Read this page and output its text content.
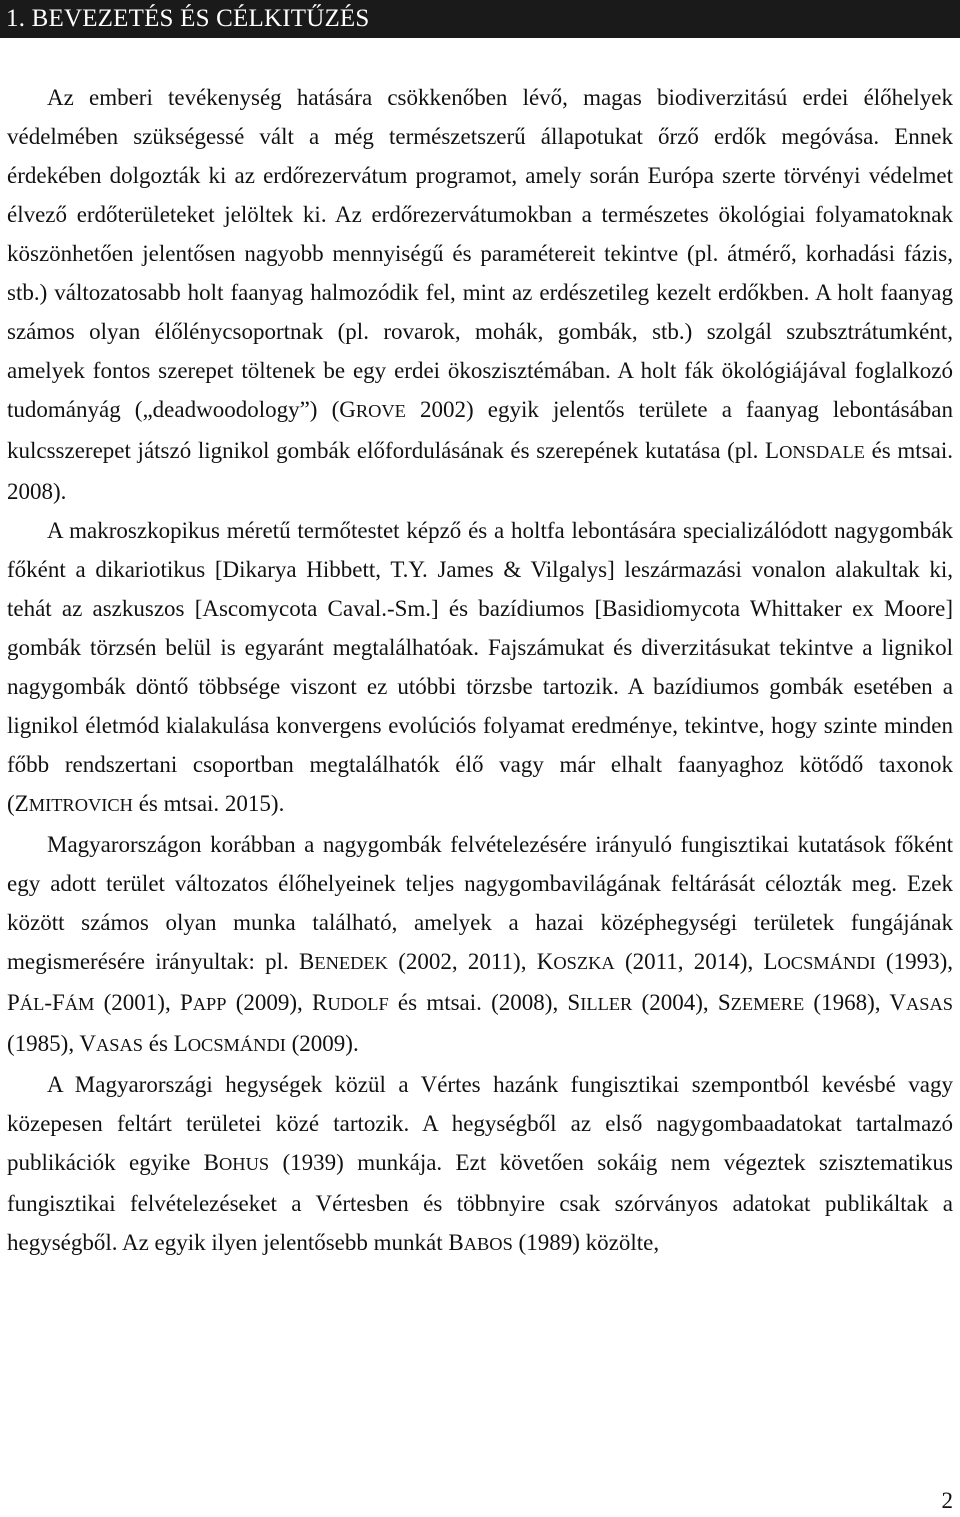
1. BEVEZETÉS ÉS CÉLKITŰZÉS

Az emberi tevékenység hatására csökkenőben lévő, magas biodiverzitású erdei élőhelyek védelmében szükségessé vált a még természetszerű állapotukat őrző erdők megóvása. Ennek érdekében dolgozták ki az erdőrezervátum programot, amely során Európa szerte törvényi védelmet élvező erdőterületeket jelöltek ki. Az erdőrezervátumokban a természetes ökológiai folyamatoknak köszönhetően jelentősen nagyobb mennyiségű és paramétereit tekintve (pl. átmérő, korhadási fázis, stb.) változatosabb holt faanyag halmozódik fel, mint az erdészetileg kezelt erdőkben. A holt faanyag számos olyan élőlénycsoportnak (pl. rovarok, mohák, gombák, stb.) szolgál szubsztrátumként, amelyek fontos szerepet töltenek be egy erdei ökoszisztémában. A holt fák ökológiájával foglalkozó tudományág („deadwoodology”) (GROVE 2002) egyik jelentős területe a faanyag lebontásában kulcsszerepet játszó lignikol gombák előfordulásának és szerepének kutatása (pl. LONSDALE és mtsai. 2008).

A makroszkopikus méretű termőtestet képző és a holtfa lebontására specializálódott nagygombák főként a dikariotikus [Dikarya Hibbett, T.Y. James & Vilgalys] leszármazási vonalon alakultak ki, tehát az aszkuszos [Ascomycota Caval.-Sm.] és bazídiumos [Basidiomycota Whittaker ex Moore] gombák törzsén belül is egyaránt megtalálhatóak. Fajszámukat és diverzitásukat tekintve a lignikol nagygombák döntő többsége viszont ez utóbbi törzsbe tartozik. A bazídiumos gombák esetében a lignikol életmód kialakulása konvergens evolúciós folyamat eredménye, tekintve, hogy szinte minden főbb rendszertani csoportban megtalálhatók élő vagy már elhalt faanyaghoz kötődő taxonok (ZMITROVICH és mtsai. 2015).

Magyarországon korábban a nagygombák felvételezésére irányuló fungisztikai kutatások főként egy adott terület változatos élőhelyeinek teljes nagygombavilágának feltárását célozták meg. Ezek között számos olyan munka található, amelyek a hazai középhegységi területek fungájának megismerésére irányultak: pl. BENEDEK (2002, 2011), KOSZKA (2011, 2014), LOCSMÁNDI (1993), PÁL-FÁM (2001), PAPP (2009), RUDOLF és mtsai. (2008), SILLER (2004), SZEMERE (1968), VASAS (1985), VASAS és LOCSMÁNDI (2009).

A Magyarországi hegységek közül a Vértes hazánk fungisztikai szempontból kevésbé vagy közepesen feltárt területei közé tartozik. A hegységből az első nagygombaadatokat tartalmazó publikációk egyike BOHUS (1939) munkája. Ezt követően sokáig nem végeztek szisztematikus fungisztikai felvételezéseket a Vértesben és többnyire csak szórványos adatokat publikáltak a hegységből. Az egyik ilyen jelentősebb munkát BABOS (1989) közölte,

2
